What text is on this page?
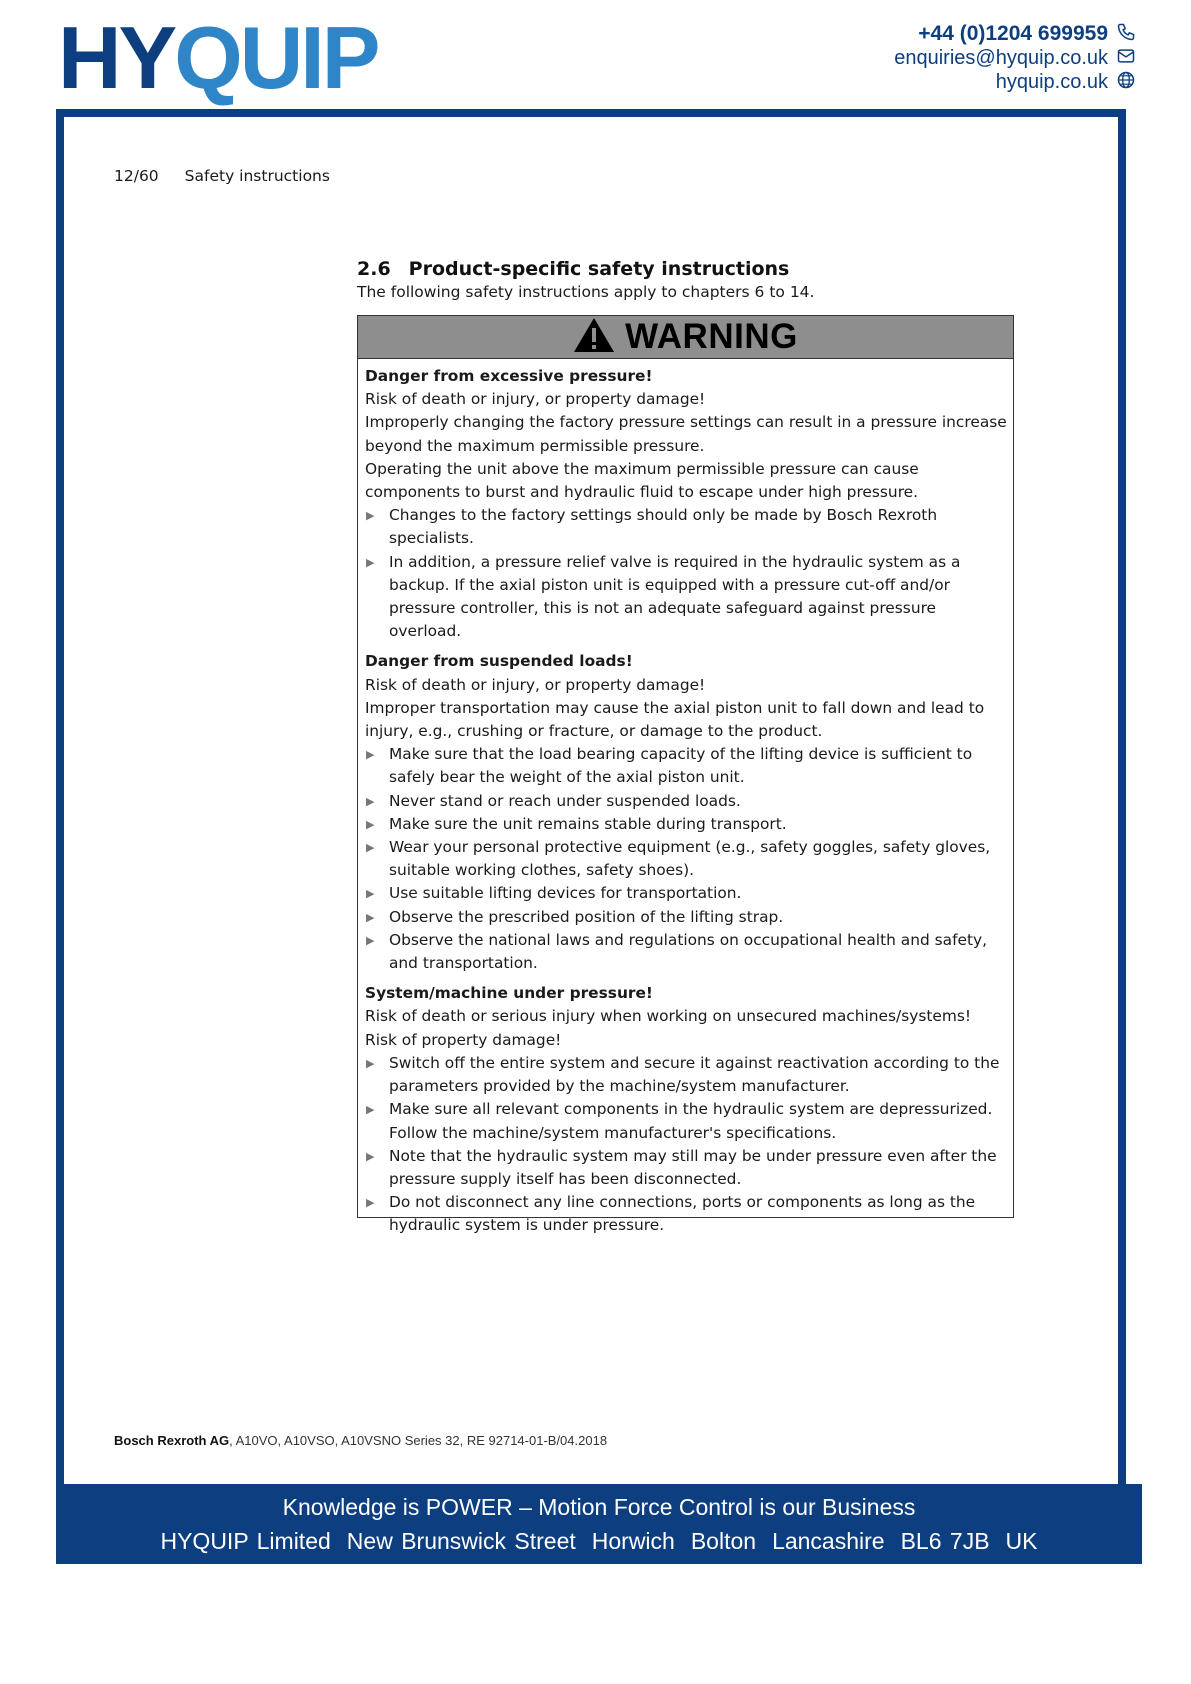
HY QUIP	+44 (0)1204 699959
enquiries@hyquip.co.uk
hyquip.co.uk
12/60 Safety instructions
2.6 Product-specific safety instructions
The following safety instructions apply to chapters 6 to 14.
WARNING
Danger from excessive pressure!

Risk of death or injury, or property damage!

Improperly changing the factory pressure settings can result in a pressure increase beyond the maximum permissible pressure.

Operating the unit above the maximum permissible pressure can cause components to burst and hydraulic fluid to escape under high pressure.

▶ Changes to the factory settings should only be made by Bosch Rexroth specialists.
▶ In addition, a pressure relief valve is required in the hydraulic system as a backup. If the axial piston unit is equipped with a pressure cut-off and/or pressure controller, this is not an adequate safeguard against pressure overload.
Danger from suspended loads!

Risk of death or injury, or property damage!

Improper transportation may cause the axial piston unit to fall down and lead to injury, e.g., crushing or fracture, or damage to the product.

▶ Make sure that the load bearing capacity of the lifting device is sufficient to safely bear the weight of the axial piston unit.
▶ Never stand or reach under suspended loads.
▶ Make sure the unit remains stable during transport.
▶ Wear your personal protective equipment (e.g., safety goggles, safety gloves, suitable working clothes, safety shoes).
▶ Use suitable lifting devices for transportation.
▶ Observe the prescribed position of the lifting strap.
▶ Observe the national laws and regulations on occupational health and safety, and transportation.
System/machine under pressure!

Risk of death or serious injury when working on unsecured machines/systems! Risk of property damage!

▶ Switch off the entire system and secure it against reactivation according to the parameters provided by the machine/system manufacturer.
▶ Make sure all relevant components in the hydraulic system are depressurized. Follow the machine/system manufacturer's specifications.
▶ Note that the hydraulic system may still may be under pressure even after the pressure supply itself has been disconnected.
▶ Do not disconnect any line connections, ports or components as long as the hydraulic system is under pressure.
Bosch Rexroth AG, A10VO, A10VSO, A10VSNO Series 32, RE 92714-01-B/04.2018
Knowledge is POWER – Motion Force Control is our Business
HYQUIP Limited New Brunswick Street Horwich Bolton Lancashire BL6 7JB UK
